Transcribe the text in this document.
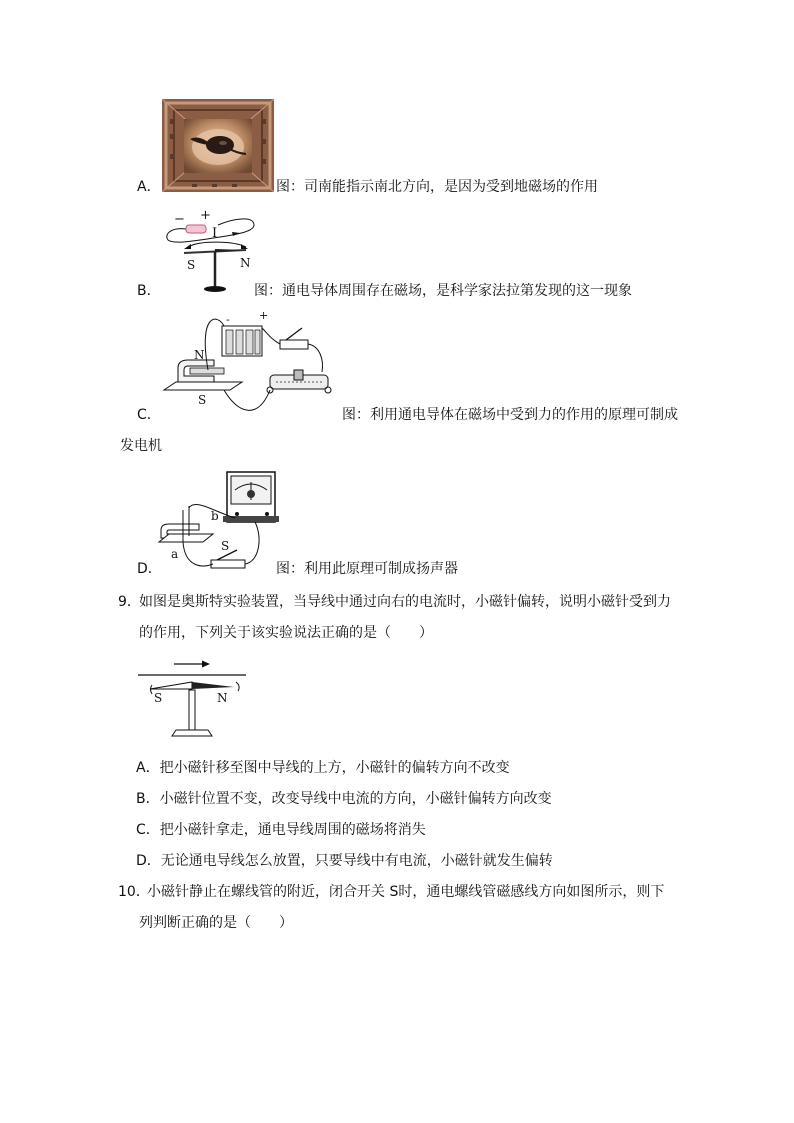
A．	图：司南能指示南北方向，是因为受到地磁场的作用
− +
I
S	N
B．	图：通电导体周围存在磁场，是科学家法拉第发现的这一现象
-	+
N
S
C．	图：利用通电导体在磁场中受到力的作用的原理可制成
发电机
a
b
S
D．	图：利用此原理可制成扬声器
9．
如图是奥斯特实验装置，当导线中通过向右的电流时，小磁针偏转，说明小磁针受到力
的作用，下列关于该实验说法正确的是（　　）
S	N
A．把小磁针移至图中导线的上方，小磁针的偏转方向不改变
B．小磁针位置不变，改变导线中电流的方向，小磁针偏转方向改变
C．把小磁针拿走，通电导线周围的磁场将消失
D．无论通电导线怎么放置，只要导线中有电流，小磁针就发生偏转
10．
小磁针静止在螺线管的附近，闭合开关 S时，通电螺线管磁感线方向如图所示，则下
列判断正确的是（　　）
